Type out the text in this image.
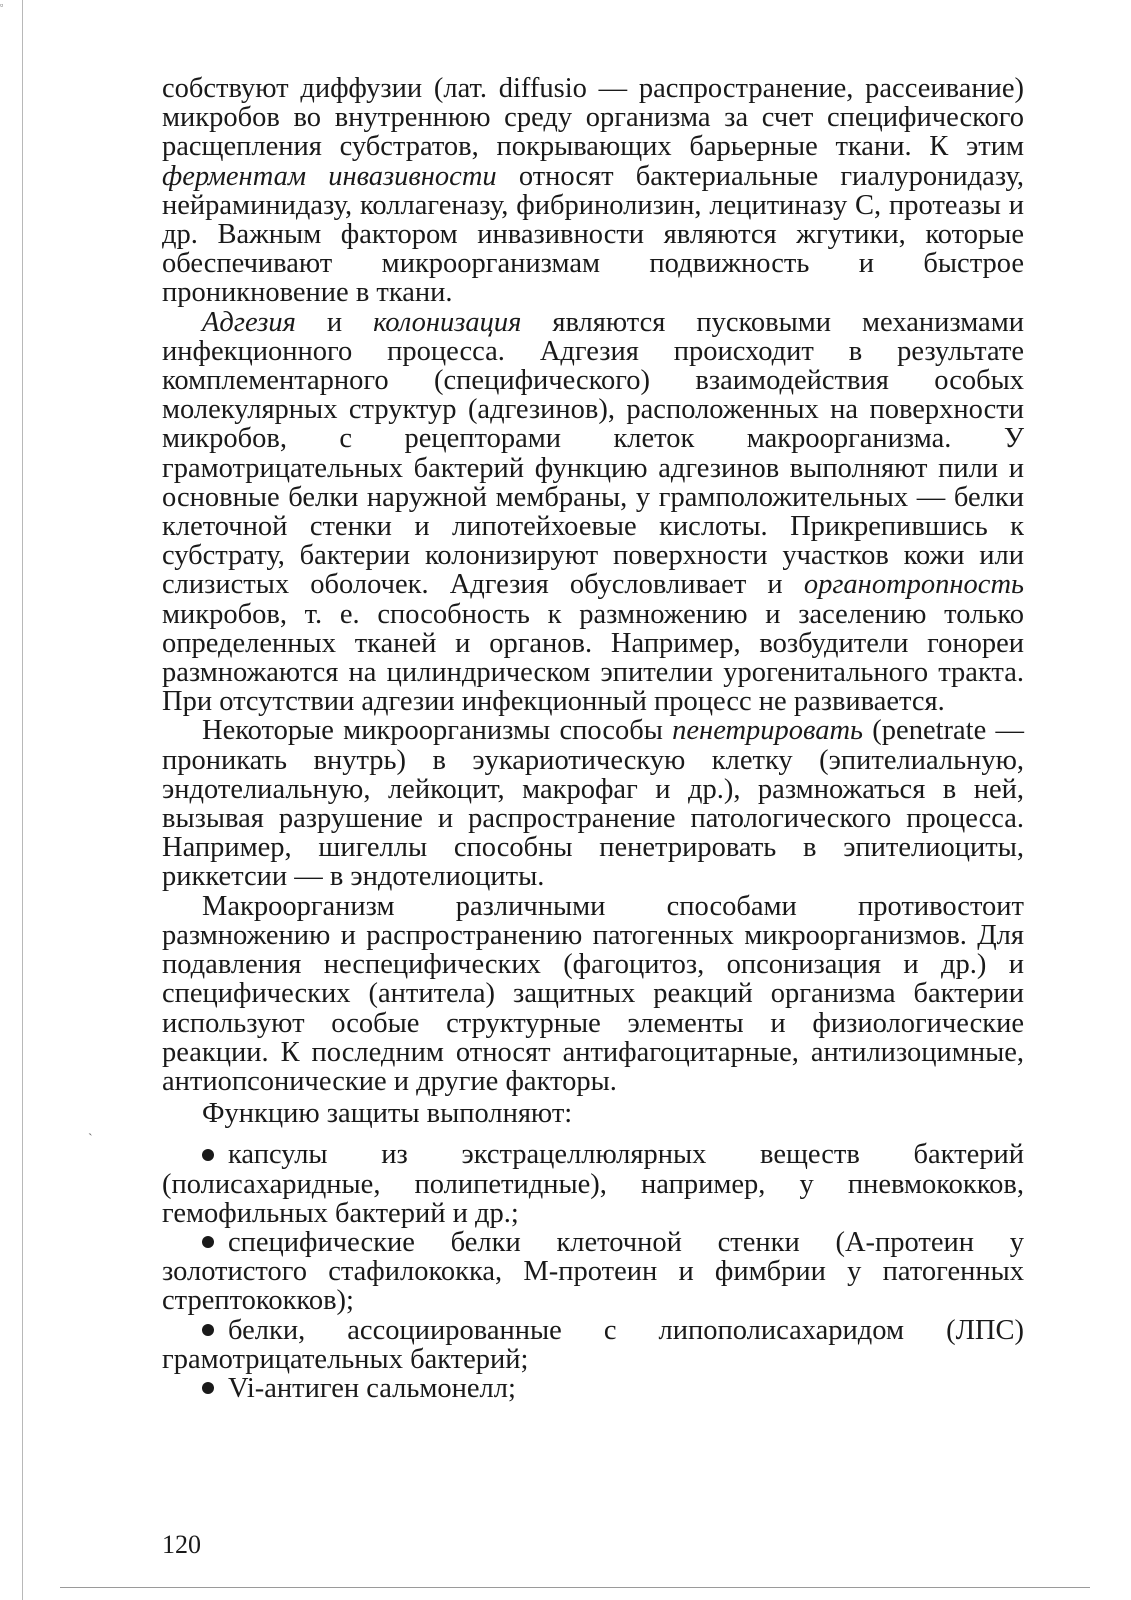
▫
ˋ

собствуют диффузии (лат. diffusio — распространение, рассеивание) микробов во внутреннюю среду организма за счет специфического расщепления субстратов, покрывающих барьерные ткани. К этим ферментам инвазивности относят бактериальные гиалуронидазу, нейраминидазу, коллагеназу, фибринолизин, лецитиназу С, протеазы и др. Важным фактором инвазивности являются жгутики, которые обеспечивают микроорганизмам подвижность и быстрое проникновение в ткани.

Адгезия и колонизация являются пусковыми механизмами инфекционного процесса. Адгезия происходит в результате комплементарного (специфического) взаимодействия особых молекулярных структур (адгезинов), расположенных на поверхности микробов, с рецепторами клеток макроорганизма. У грамотрицательных бактерий функцию адгезинов выполняют пили и основные белки наружной мембраны, у грамположительных — белки клеточной стенки и липотейхоевые кислоты. Прикрепившись к субстрату, бактерии колонизируют поверхности участков кожи или слизистых оболочек. Адгезия обусловливает и органотропность микробов, т. е. способность к размножению и заселению только определенных тканей и органов. Например, возбудители гонореи размножаются на цилиндрическом эпителии урогенитального тракта. При отсутствии адгезии инфекционный процесс не развивается.

Некоторые микроорганизмы способы пенетрировать (penetrate — проникать внутрь) в эукариотическую клетку (эпителиальную, эндотелиальную, лейкоцит, макрофаг и др.), размножаться в ней, вызывая разрушение и распространение патологического процесса. Например, шигеллы способны пенетрировать в эпителиоциты, риккетсии — в эндотелиоциты.

Макроорганизм различными способами противостоит размножению и распространению патогенных микроорганизмов. Для подавления неспецифических (фагоцитоз, опсонизация и др.) и специфических (антитела) защитных реакций организма бактерии используют особые структурные элементы и физиологические реакции. К последним относят антифагоцитарные, антилизоцимные, антиопсонические и другие факторы.

Функцию защиты выполняют:

капсулы из экстрацеллюлярных веществ бактерий (полисахаридные, полипетидные), например, у пневмококков, гемофильных бактерий и др.;

специфические белки клеточной стенки (А-протеин у золотистого стафилококка, М-протеин и фимбрии у патогенных стрептококков);

белки, ассоциированные с липополисахаридом (ЛПС) грамотрицательных бактерий;

Vi-антиген сальмонелл;

120
